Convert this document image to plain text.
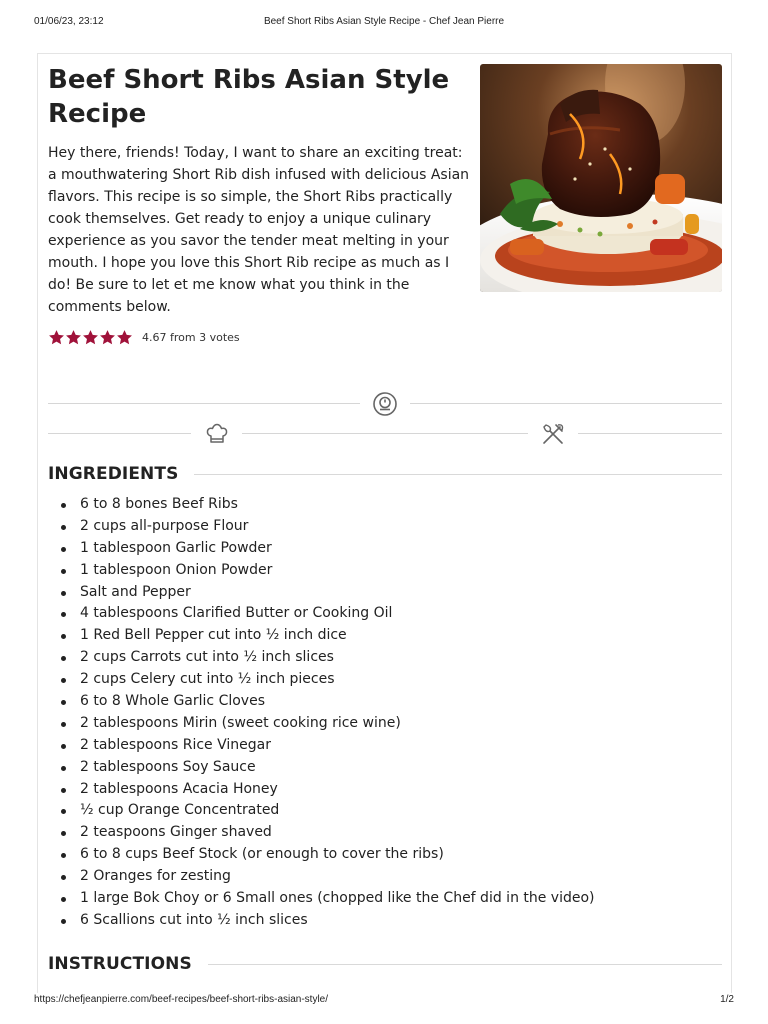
01/06/23, 23:12	Beef Short Ribs Asian Style Recipe - Chef Jean Pierre
Beef Short Ribs Asian Style Recipe

Hey there, friends! Today, I want to share an exciting treat: a mouthwatering Short Rib dish infused with delicious Asian flavors. This recipe is so simple, the Short Ribs practically cook themselves. Get ready to enjoy a unique culinary experience as you savor the tender meat melting in your mouth. I hope you love this Short Rib recipe as much as I do! Be sure to let et me know what you think in the comments below.

4.67 from 3 votes
INGREDIENTS
6 to 8 bones Beef Ribs
2 cups all-purpose Flour
1 tablespoon Garlic Powder
1 tablespoon Onion Powder
Salt and Pepper
4 tablespoons Clarified Butter or Cooking Oil
1 Red Bell Pepper cut into ½ inch dice
2 cups Carrots cut into ½ inch slices
2 cups Celery cut into ½ inch pieces
6 to 8 Whole Garlic Cloves
2 tablespoons Mirin (sweet cooking rice wine)
2 tablespoons Rice Vinegar
2 tablespoons Soy Sauce
2 tablespoons Acacia Honey
½ cup Orange Concentrated
2 teaspoons Ginger shaved
6 to 8 cups Beef Stock (or enough to cover the ribs)
2 Oranges for zesting
1 large Bok Choy or 6 Small ones (chopped like the Chef did in the video)
6 Scallions cut into ½ inch slices
INSTRUCTIONS
https://chefjeanpierre.com/beef-recipes/beef-short-ribs-asian-style/	1/2
